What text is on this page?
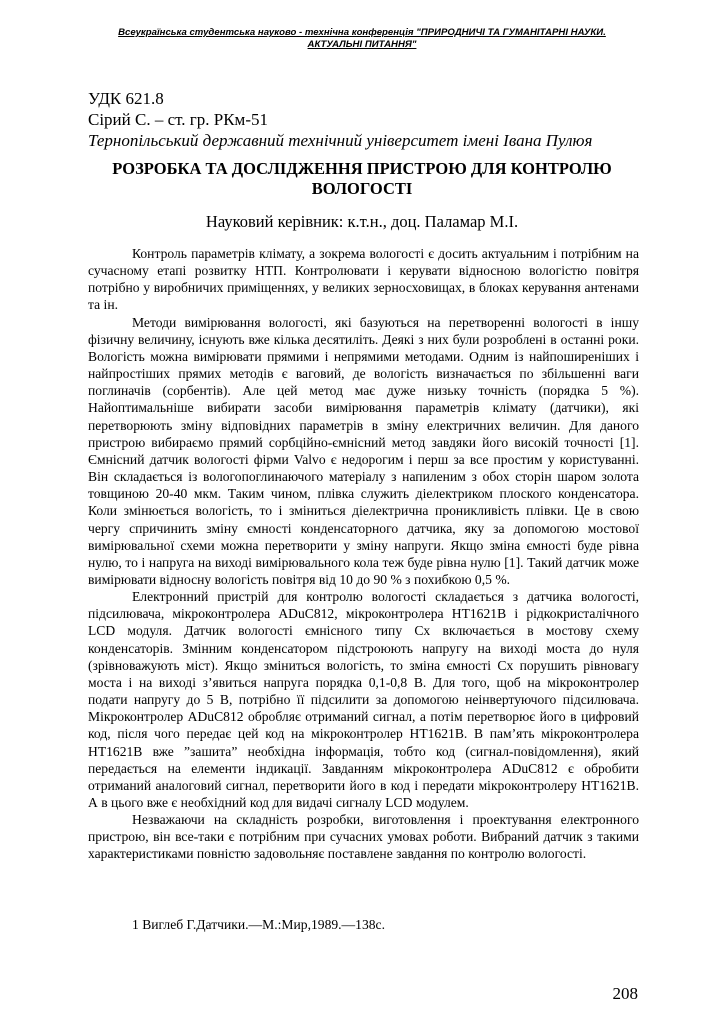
Всеукраїнська студентська науково - технічна конференція "ПРИРОДНИЧІ ТА ГУМАНІТАРНІ НАУКИ.
АКТУАЛЬНІ ПИТАННЯ"
УДК 621.8
Сірий С. – ст. гр. РКм-51
Тернопільський державний технічний університет імені Івана Пулюя
РОЗРОБКА ТА ДОСЛІДЖЕННЯ ПРИСТРОЮ ДЛЯ КОНТРОЛЮ ВОЛОГОСТІ
Науковий керівник: к.т.н., доц. Паламар М.І.

Контроль параметрів клімату, а зокрема вологості є досить актуальним і потрібним на сучасному етапі розвитку НТП. Контролювати і керувати відносною вологістю повітря потрібно у виробничих приміщеннях, у великих зерносховищах, в блоках керування антенами та ін.

Методи вимірювання вологості, які базуються на перетворенні вологості в іншу фізичну величину, існують вже кілька десятиліть. Деякі з них були розроблені в останні роки. Вологість можна вимірювати прямими і непрямими методами. Одним із найпоширеніших і найпростіших прямих методів є ваговий, де вологість визначається по збільшенні ваги поглиначів (сорбентів). Але цей метод має дуже низьку точність (порядка 5 %). Найоптимальніше вибирати засоби вимірювання параметрів клімату (датчики), які перетворюють зміну відповідних параметрів в зміну електричних величин. Для даного пристрою вибираємо прямий сорбційно-ємнісний метод завдяки його високій точності [1]. Ємнісний датчик вологості фірми Valvo є недорогим і перш за все простим у користуванні. Він складається із вологопоглинаючого матеріалу з напиленим з обох сторін шаром золота товщиною 20-40 мкм. Таким чином, плівка служить діелектриком плоского конденсатора. Коли змінюється вологість, то і зміниться діелектрична проникливість плівки. Це в свою чергу спричинить зміну ємності конденсаторного датчика, яку за допомогою мостової вимірювальної схеми можна перетворити у зміну напруги. Якщо зміна ємності буде рівна нулю, то і напруга на виході вимірювального кола теж буде рівна нулю [1]. Такий датчик може вимірювати відносну вологість повітря від 10 до 90 % з похибкою 0,5 %.

Електронний пристрій для контролю вологості складається з датчика вологості, підсилювача, мікроконтролера ADuC812, мікроконтролера HT1621B і рідкокристалічного LCD модуля. Датчик вологості ємнісного типу Cx включається в мостову схему конденсаторів. Змінним конденсатором підстроюють напругу на виході моста до нуля (зрівноважують міст). Якщо зміниться вологість, то зміна ємності Cx порушить рівновагу моста і на виході з’явиться напруга порядка 0,1-0,8 В. Для того, щоб на мікроконтролер подати напругу до 5 В, потрібно її підсилити за допомогою неінвертуючого підсилювача. Мікроконтролер ADuC812 обробляє отриманий сигнал, а потім перетворює його в цифровий код, після чого передає цей код на мікроконтролер HT1621B. В пам’ять мікроконтролера HT1621B вже ”зашита” необхідна інформація, тобто код (сигнал-повідомлення), який передається на елементи індикації. Завданням мікроконтролера ADuC812 є обробити отриманий аналоговий сигнал, перетворити його в код і передати мікроконтролеру HT1621B. А в цього вже є необхідний код для видачі сигналу LCD модулем.

Незважаючи на складність розробки, виготовлення і проектування електронного пристрою, він все-таки є потрібним при сучасних умовах роботи. Вибраний датчик з такими характеристиками повністю задовольняє поставлене завдання по контролю вологості.

1 Виглеб Г.Датчики.—М.:Мир,1989.—138с.
208
